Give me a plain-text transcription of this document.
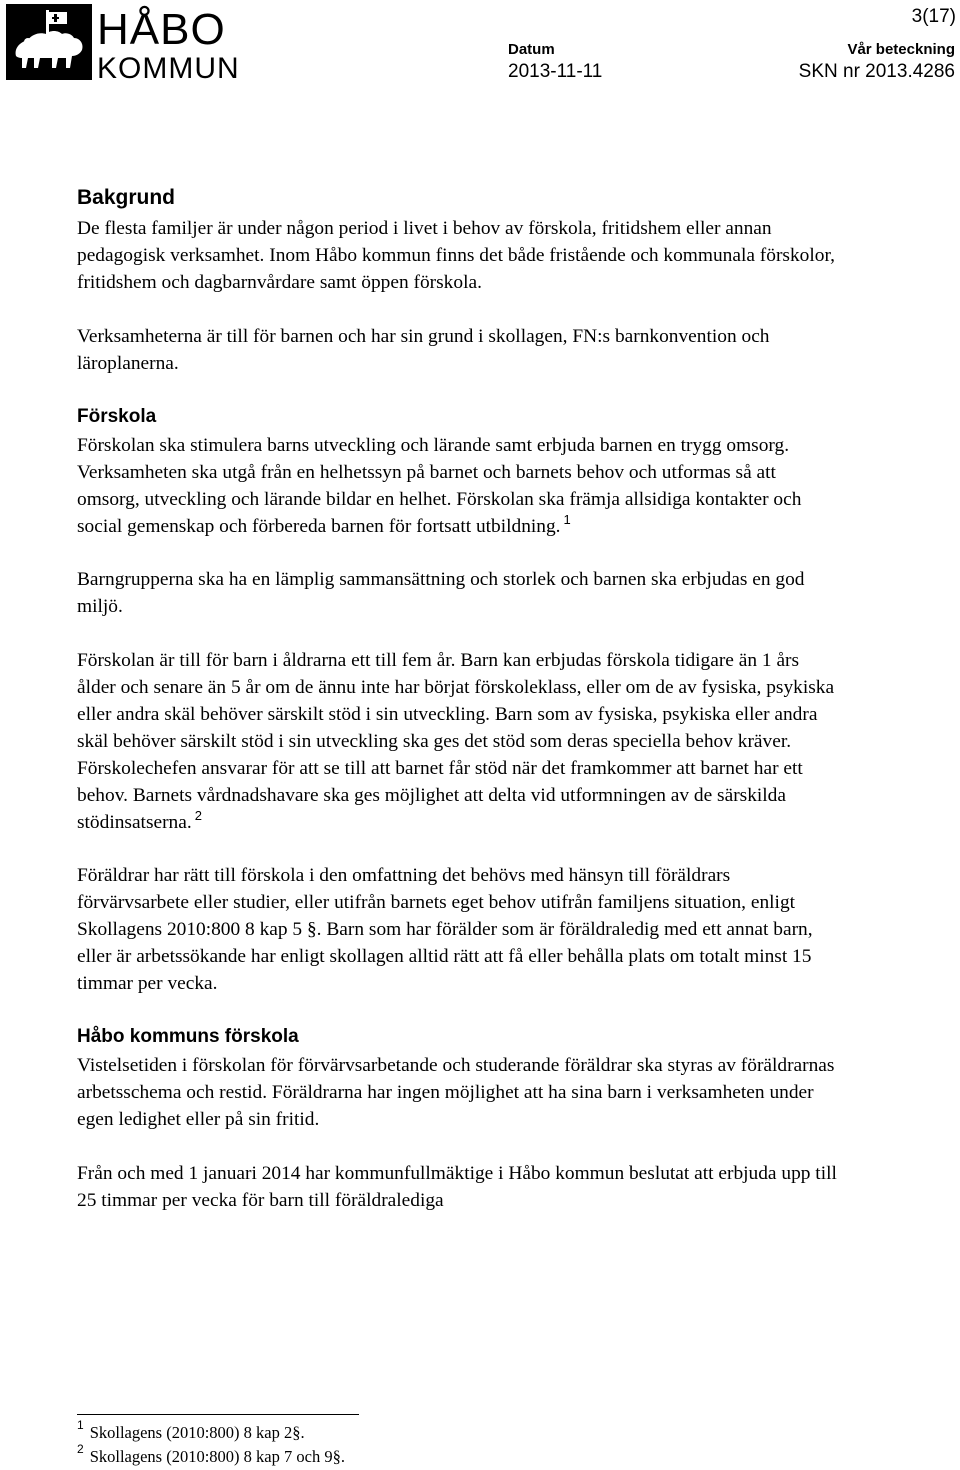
HÅBO
KOMMUN
3(17)
Datum
2013-11-11
Vår beteckning
SKN nr 2013.4286
Bakgrund

De flesta familjer är under någon period i livet i behov av förskola, fritidshem eller annan pedagogisk verksamhet. Inom Håbo kommun finns det både fristående och kommunala förskolor, fritidshem och dagbarnvårdare samt öppen förskola.

Verksamheterna är till för barnen och har sin grund i skollagen, FN:s barnkonvention och läroplanerna.

Förskola

Förskolan ska stimulera barns utveckling och lärande samt erbjuda barnen en trygg omsorg. Verksamheten ska utgå från en helhetssyn på barnet och barnets behov och utformas så att omsorg, utveckling och lärande bildar en helhet. Förskolan ska främja allsidiga kontakter och social gemenskap och förbereda barnen för fortsatt utbildning. $^1$

Barngrupperna ska ha en lämplig sammansättning och storlek och barnen ska erbjudas en god miljö.

Förskolan är till för barn i åldrarna ett till fem år. Barn kan erbjudas förskola tidigare än 1 års ålder och senare än 5 år om de ännu inte har börjat förskoleklass, eller om de av fysiska, psykiska eller andra skäl behöver särskilt stöd i sin utveckling. Barn som av fysiska, psykiska eller andra skäl behöver särskilt stöd i sin utveckling ska ges det stöd som deras speciella behov kräver. Förskolechefen ansvarar för att se till att barnet får stöd när det framkommer att barnet har ett behov. Barnets vårdnadshavare ska ges möjlighet att delta vid utformningen av de särskilda stödinsatserna. $^2$

Föräldrar har rätt till förskola i den omfattning det behövs med hänsyn till föräldrars förvärvsarbete eller studier, eller utifrån barnets eget behov utifrån familjens situation, enligt Skollagens 2010:800 8 kap 5 §. Barn som har förälder som är föräldraledig med ett annat barn, eller är arbetssökande har enligt skollagen alltid rätt att få eller behålla plats om totalt minst 15 timmar per vecka.

Håbo kommuns förskola

Vistelsetiden i förskolan för förvärvsarbetande och studerande föräldrar ska styras av föräldrarnas arbetsschema och restid. Föräldrarna har ingen möjlighet att ha sina barn i verksamheten under egen ledighet eller på sin fritid.

Från och med 1 januari 2014 har kommunfullmäktige i Håbo kommun beslutat att erbjuda upp till 25 timmar per vecka för barn till föräldralediga

$^1$ Skollagens (2010:800) 8 kap 2§.
$^2$ Skollagens (2010:800) 8 kap 7 och 9§.
